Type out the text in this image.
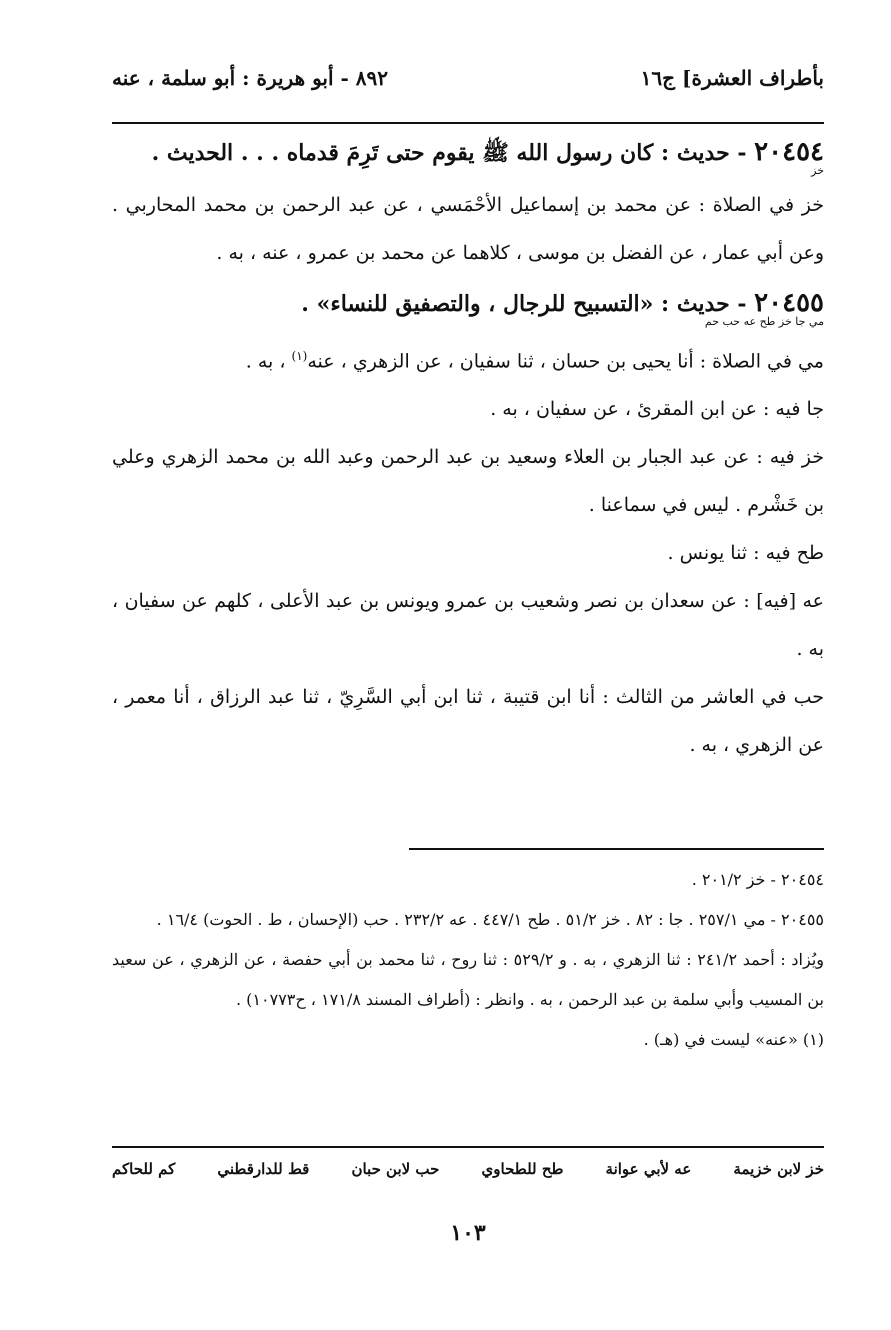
بأطراف العشرة] ج١٦
٨٩٢ - أبو هريرة : أبو سلمة ، عنه

٢٠٤٥٤ - حديث : كان رسول الله ﷺ يقوم حتى تَرِمَ قدماه . . . الحديث .

خز

خز في الصلاة : عن محمد بن إسماعيل الأحْمَسي ، عن عبد الرحمن بن محمد المحاربي . وعن أبي عمار ، عن الفضل بن موسى ، كلاهما عن محمد بن عمرو ، عنه ، به .

٢٠٤٥٥ - حديث : «التسبيح للرجال ، والتصفيق للنساء» .

مي جا خز طح عه حب حم

مي في الصلاة : أنا يحيى بن حسان ، ثنا سفيان ، عن الزهري ، عنه$^{(١)}$ ، به .

جا فيه : عن ابن المقرئ ، عن سفيان ، به .

خز فيه : عن عبد الجبار بن العلاء وسعيد بن عبد الرحمن وعبد الله بن محمد الزهري وعلي بن خَشْرم . ليس في سماعنا .

طح فيه : ثنا يونس .

عه [فيه] : عن سعدان بن نصر وشعيب بن عمرو ويونس بن عبد الأعلى ، كلهم عن سفيان ، به .

حب في العاشر من الثالث : أنا ابن قتيبة ، ثنا ابن أبي السَّرِيّ ، ثنا عبد الرزاق ، أنا معمر ، عن الزهري ، به .

٢٠٤٥٤ - خز ٢٠١/٢ .

٢٠٤٥٥ - مي ٢٥٧/١ . جا : ٨٢ . خز ٥١/٢ . طح ٤٤٧/١ . عه ٢٣٢/٢ . حب (الإحسان ، ط . الحوت) ١٦/٤ .

ويُزاد : أحمد ٢٤١/٢ : ثنا الزهري ، به . و ٥٢٩/٢ : ثنا روح ، ثنا محمد بن أبي حفصة ، عن الزهري ، عن سعيد بن المسيب وأبي سلمة بن عبد الرحمن ، به . وانظر : (أطراف المسند ١٧١/٨ ، ح١٠٧٧٣) .

(١) «عنه» ليست في (هـ) .

خز لابن خزيمة
عه لأبي عوانة
طح للطحاوي
حب لابن حبان
قط للدارقطني
كم للحاكم
١٠٣
